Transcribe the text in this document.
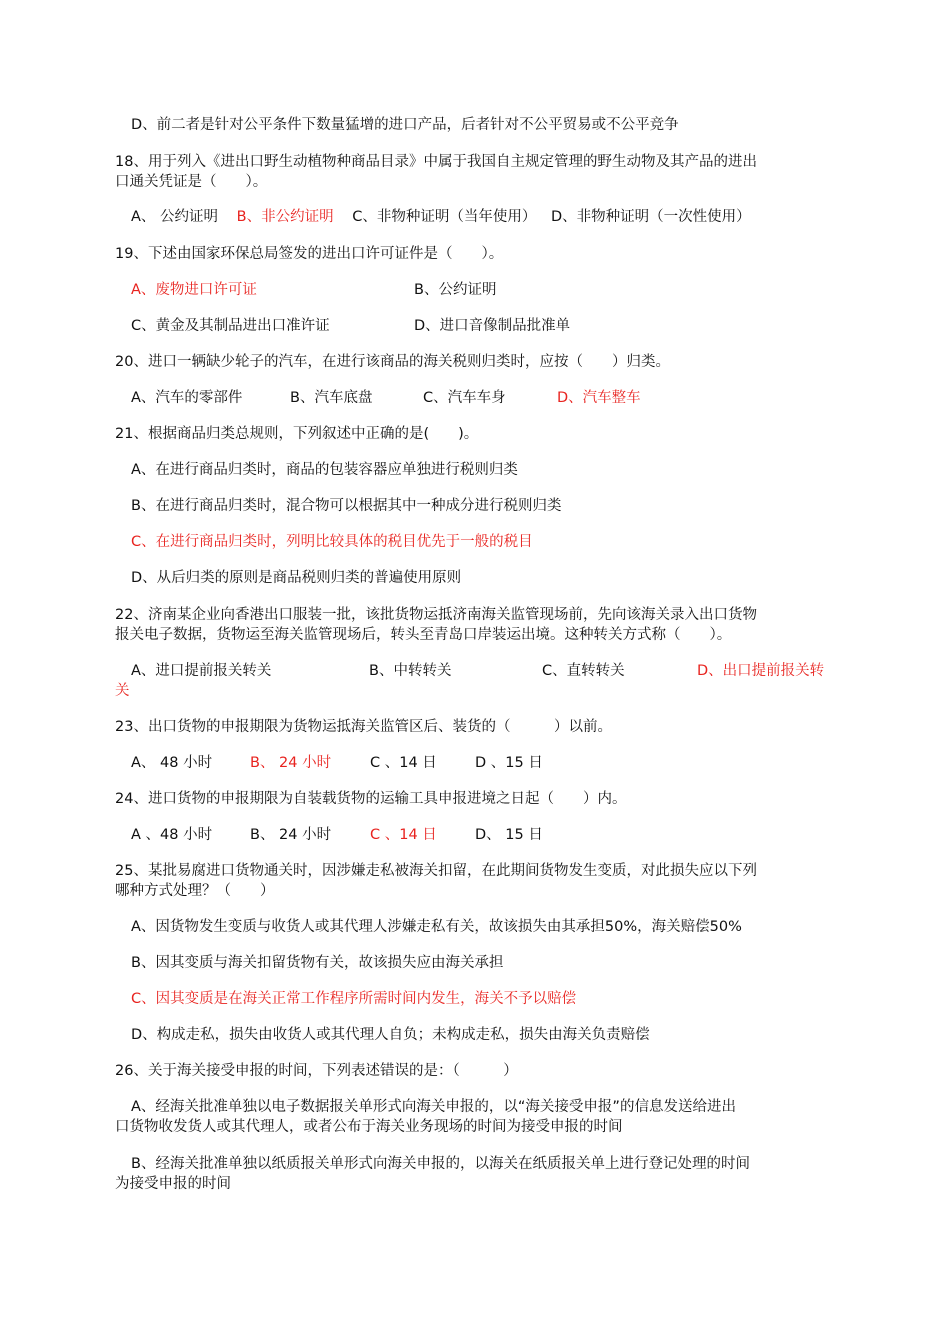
D、前二者是针对公平条件下数量猛增的进口产品，后者针对不公平贸易或不公平竞争
18、用于列入《进出口野生动植物种商品目录》中属于我国自主规定管理的野生动物及其产品的进出
口通关凭证是（　　）。
A、 公约证明 B、非公约证明 C、非物种证明（当年使用） D、非物种证明（一次性使用）
19、下述由国家环保总局签发的进出口许可证件是（　　）。
A、废物进口许可证	B、公约证明
C、黄金及其制品进出口准许证	D、进口音像制品批准单
20、进口一辆缺少轮子的汽车，在进行该商品的海关税则归类时，应按（　　）归类。
A、汽车的零部件	B、汽车底盘	C、汽车车身	D、汽车整车
21、根据商品归类总规则，下列叙述中正确的是(　　)。
A、在进行商品归类时，商品的包装容器应单独进行税则归类
B、在进行商品归类时，混合物可以根据其中一种成分进行税则归类
C、在进行商品归类时，列明比较具体的税目优先于一般的税目
D、从后归类的原则是商品税则归类的普遍使用原则
22、济南某企业向香港出口服装一批，该批货物运抵济南海关监管现场前，先向该海关录入出口货物
报关电子数据，货物运至海关监管现场后，转头至青岛口岸装运出境。这种转关方式称（　　）。
A、进口提前报关转关	B、中转转关	C、直转转关	D、出口提前报关转
关
23、出口货物的申报期限为货物运抵海关监管区后、装货的（　　　）以前。
A、 48 小时	B、 24 小时	C 、14 日	D 、15 日
24、进口货物的申报期限为自装载货物的运输工具申报进境之日起（　　）内。
A 、48 小时	B、 24 小时	C 、14 日	D、 15 日
25、某批易腐进口货物通关时，因涉嫌走私被海关扣留，在此期间货物发生变质，对此损失应以下列
哪种方式处理？（　　）
A、因货物发生变质与收货人或其代理人涉嫌走私有关，故该损失由其承担50%，海关赔偿50%
B、因其变质与海关扣留货物有关，故该损失应由海关承担
C、因其变质是在海关正常工作程序所需时间内发生，海关不予以赔偿
D、构成走私，损失由收货人或其代理人自负；未构成走私，损失由海关负责赔偿
26、关于海关接受申报的时间，下列表述错误的是：（　　　）
A、经海关批准单独以电子数据报关单形式向海关申报的，以“海关接受申报”的信息发送给进出
口货物收发货人或其代理人，或者公布于海关业务现场的时间为接受申报的时间
B、经海关批准单独以纸质报关单形式向海关申报的，以海关在纸质报关单上进行登记处理的时间
为接受申报的时间
